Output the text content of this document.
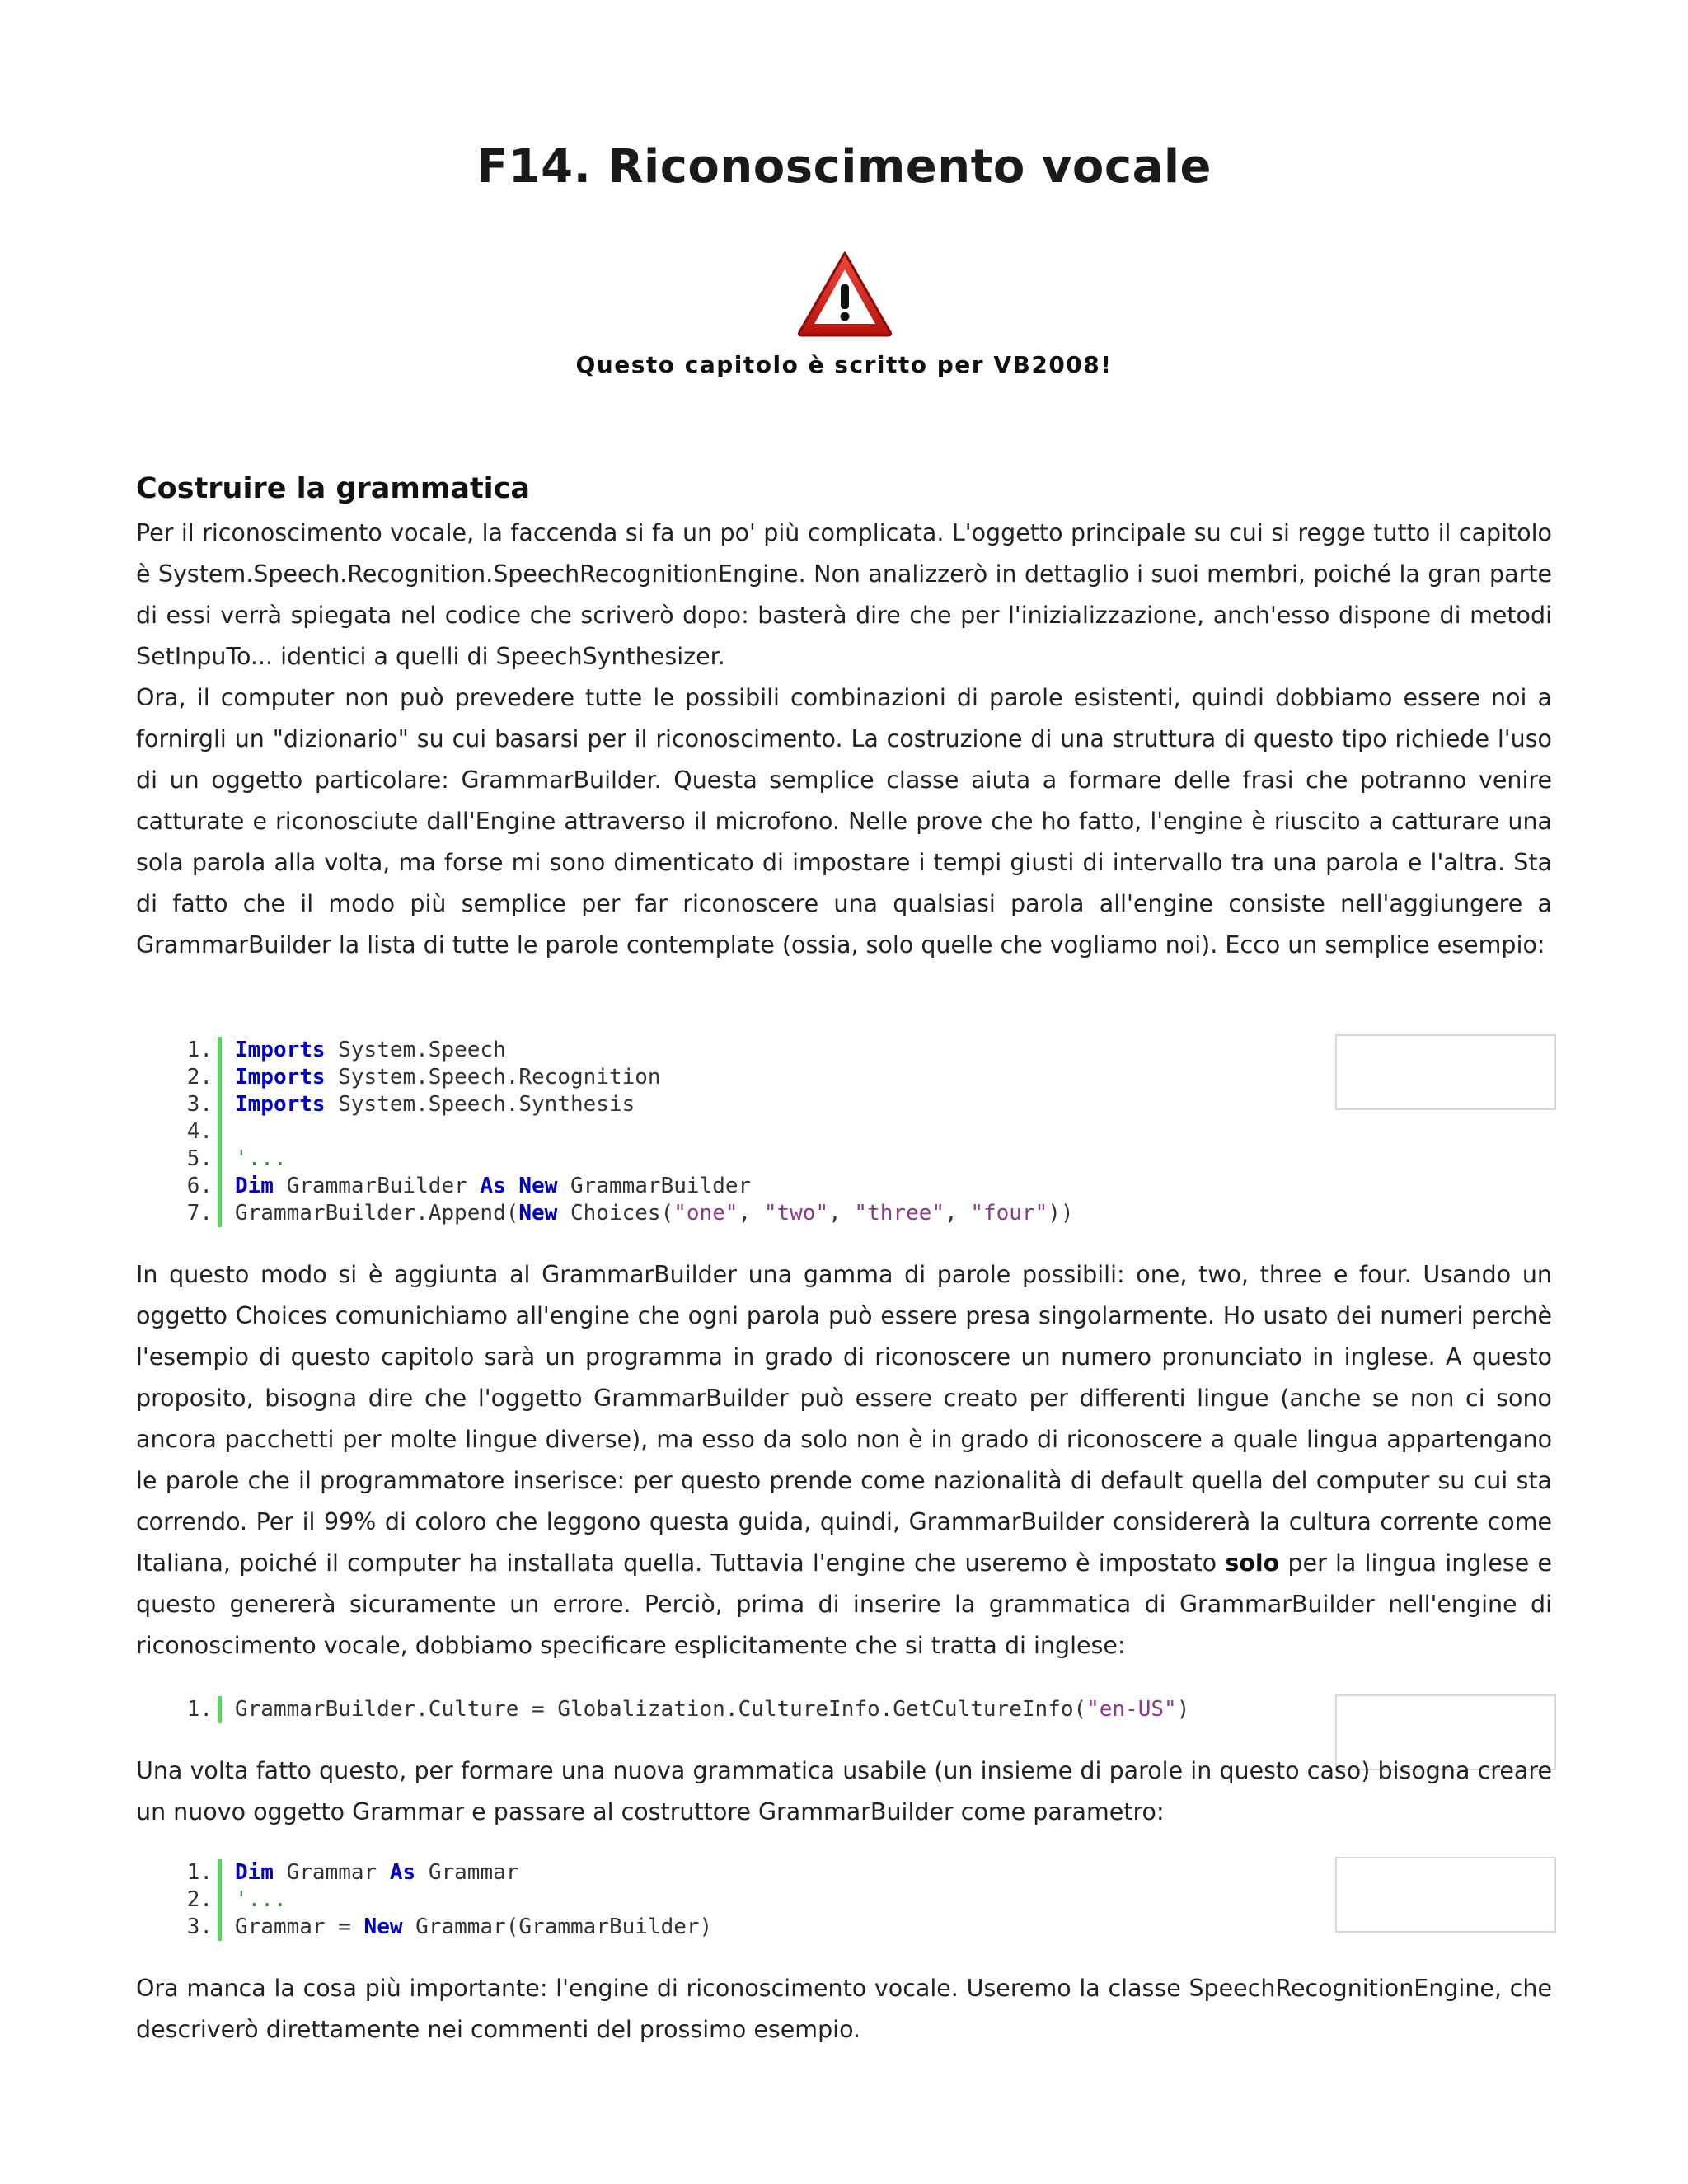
F14. Riconoscimento vocale
Questo capitolo è scritto per VB2008!
Costruire la grammatica

Per il riconoscimento vocale, la faccenda si fa un po' più complicata. L'oggetto principale su cui si regge tutto il capitolo è System.Speech.Recognition.SpeechRecognitionEngine. Non analizzerò in dettaglio i suoi membri, poiché la gran parte di essi verrà spiegata nel codice che scriverò dopo: basterà dire che per l'inizializzazione, anch'esso dispone di metodi SetInpuTo... identici a quelli di SpeechSynthesizer.

Ora, il computer non può prevedere tutte le possibili combinazioni di parole esistenti, quindi dobbiamo essere noi a fornirgli un "dizionario" su cui basarsi per il riconoscimento. La costruzione di una struttura di questo tipo richiede l'uso di un oggetto particolare: GrammarBuilder. Questa semplice classe aiuta a formare delle frasi che potranno venire catturate e riconosciute dall'Engine attraverso il microfono. Nelle prove che ho fatto, l'engine è riuscito a catturare una sola parola alla volta, ma forse mi sono dimenticato di impostare i tempi giusti di intervallo tra una parola e l'altra. Sta di fatto che il modo più semplice per far riconoscere una qualsiasi parola all'engine consiste nell'aggiungere a GrammarBuilder la lista di tutte le parole contemplate (ossia, solo quelle che vogliamo noi). Ecco un semplice esempio:

1. Imports System.Speech
2. Imports System.Speech.Recognition
3. Imports System.Speech.Synthesis
4.
5. '...
6. Dim GrammarBuilder As New GrammarBuilder
7. GrammarBuilder.Append(New Choices("one", "two", "three", "four"))

In questo modo si è aggiunta al GrammarBuilder una gamma di parole possibili: one, two, three e four. Usando un oggetto Choices comunichiamo all'engine che ogni parola può essere presa singolarmente. Ho usato dei numeri perchè l'esempio di questo capitolo sarà un programma in grado di riconoscere un numero pronunciato in inglese. A questo proposito, bisogna dire che l'oggetto GrammarBuilder può essere creato per differenti lingue (anche se non ci sono ancora pacchetti per molte lingue diverse), ma esso da solo non è in grado di riconoscere a quale lingua appartengano le parole che il programmatore inserisce: per questo prende come nazionalità di default quella del computer su cui sta correndo. Per il 99% di coloro che leggono questa guida, quindi, GrammarBuilder considererà la cultura corrente come Italiana, poiché il computer ha installata quella. Tuttavia l'engine che useremo è impostato solo per la lingua inglese e questo genererà sicuramente un errore. Perciò, prima di inserire la grammatica di GrammarBuilder nell'engine di riconoscimento vocale, dobbiamo specificare esplicitamente che si tratta di inglese:

1. GrammarBuilder.Culture = Globalization.CultureInfo.GetCultureInfo("en-US")

Una volta fatto questo, per formare una nuova grammatica usabile (un insieme di parole in questo caso) bisogna creare un nuovo oggetto Grammar e passare al costruttore GrammarBuilder come parametro:

1. Dim Grammar As Grammar
2. '...
3. Grammar = New Grammar(GrammarBuilder)

Ora manca la cosa più importante: l'engine di riconoscimento vocale. Useremo la classe SpeechRecognitionEngine, che descriverò direttamente nei commenti del prossimo esempio.
